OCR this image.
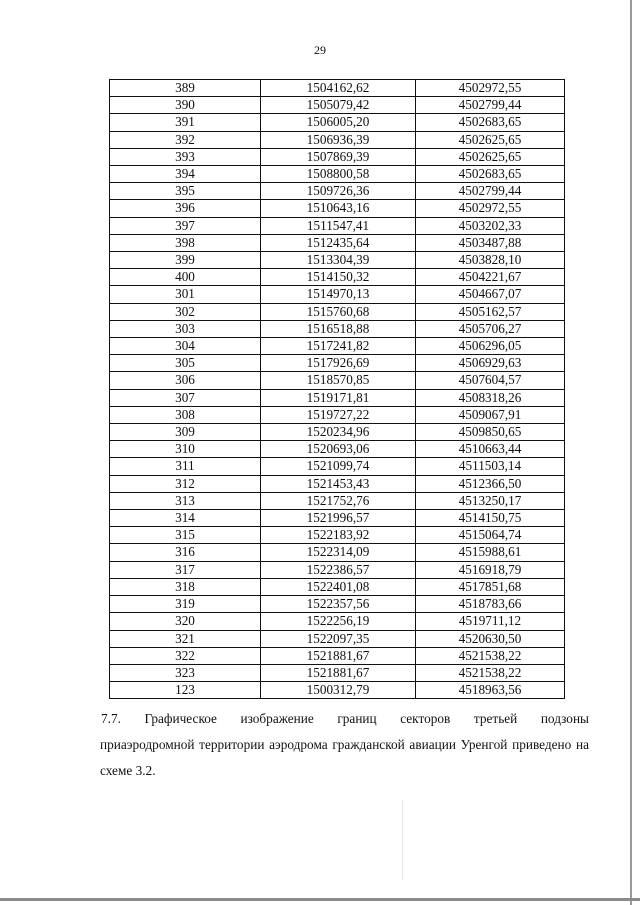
29
389	1504162,62	4502972,55
390	1505079,42	4502799,44
391	1506005,20	4502683,65
392	1506936,39	4502625,65
393	1507869,39	4502625,65
394	1508800,58	4502683,65
395	1509726,36	4502799,44
396	1510643,16	4502972,55
397	1511547,41	4503202,33
398	1512435,64	4503487,88
399	1513304,39	4503828,10
400	1514150,32	4504221,67
301	1514970,13	4504667,07
302	1515760,68	4505162,57
303	1516518,88	4505706,27
304	1517241,82	4506296,05
305	1517926,69	4506929,63
306	1518570,85	4507604,57
307	1519171,81	4508318,26
308	1519727,22	4509067,91
309	1520234,96	4509850,65
310	1520693,06	4510663,44
311	1521099,74	4511503,14
312	1521453,43	4512366,50
313	1521752,76	4513250,17
314	1521996,57	4514150,75
315	1522183,92	4515064,74
316	1522314,09	4515988,61
317	1522386,57	4516918,79
318	1522401,08	4517851,68
319	1522357,56	4518783,66
320	1522256,19	4519711,12
321	1522097,35	4520630,50
322	1521881,67	4521538,22
323	1521881,67	4521538,22
123	1500312,79	4518963,56
7.7. Графическое изображение границ секторов третьей подзоны
приаэродромной территории аэродрома гражданской авиации Уренгой приведено на схеме 3.2.
